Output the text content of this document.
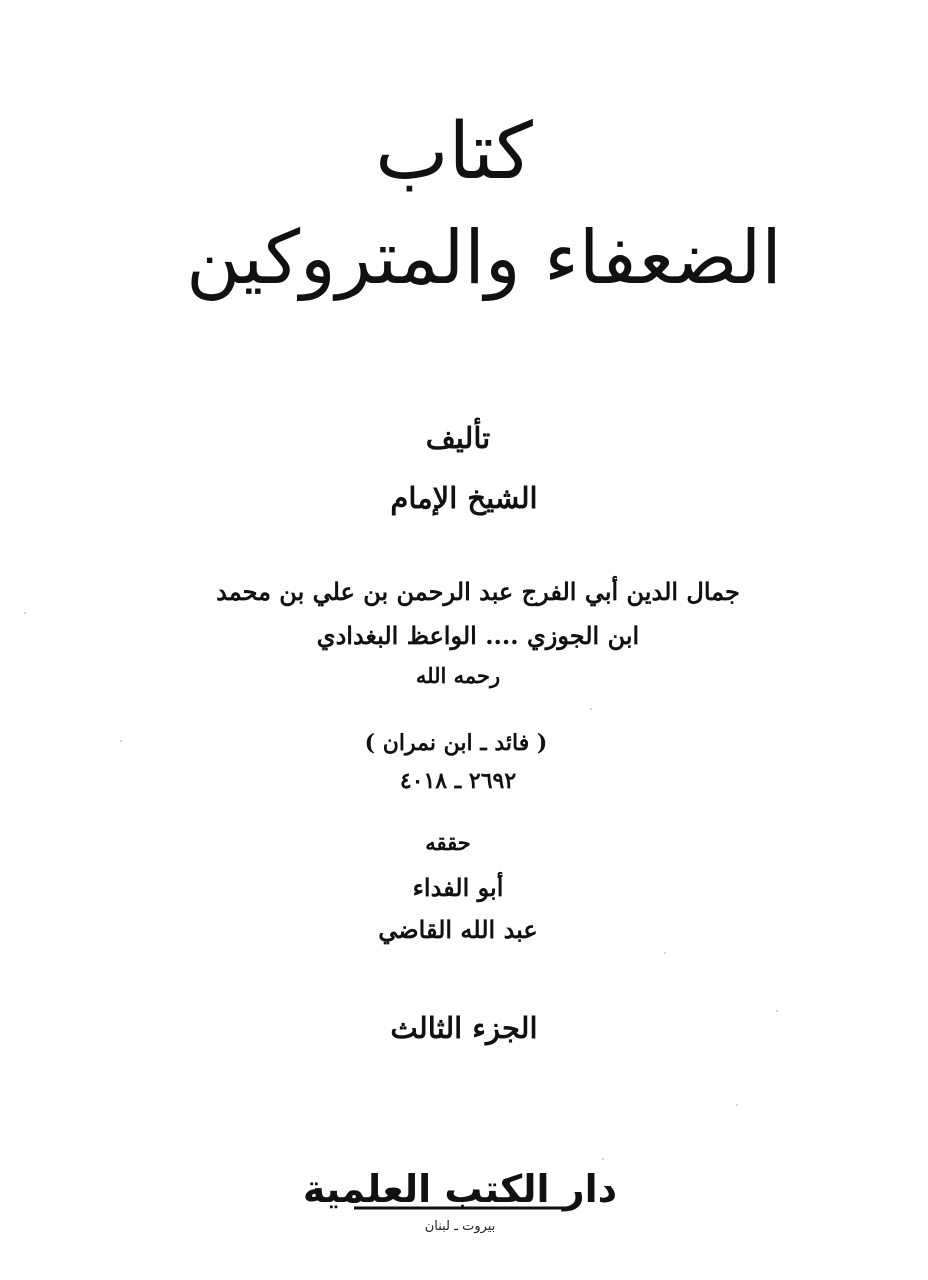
كتاب
الضعفاء والمتروكين
تأليف
الشيخ الإمام
جمال الدين أبي الفرج عبد الرحمن بن علي بن محمد
ابن الجوزي .... الواعظ البغدادي
رحمه الله
( فائد ـ ابن نمران )
٢٦٩٢ ـ ٤٠١٨
حققه
أبو الفداء
عبد الله القاضي
الجزء الثالث
دار الكتب العلمية
بيروت ـ لبنان
